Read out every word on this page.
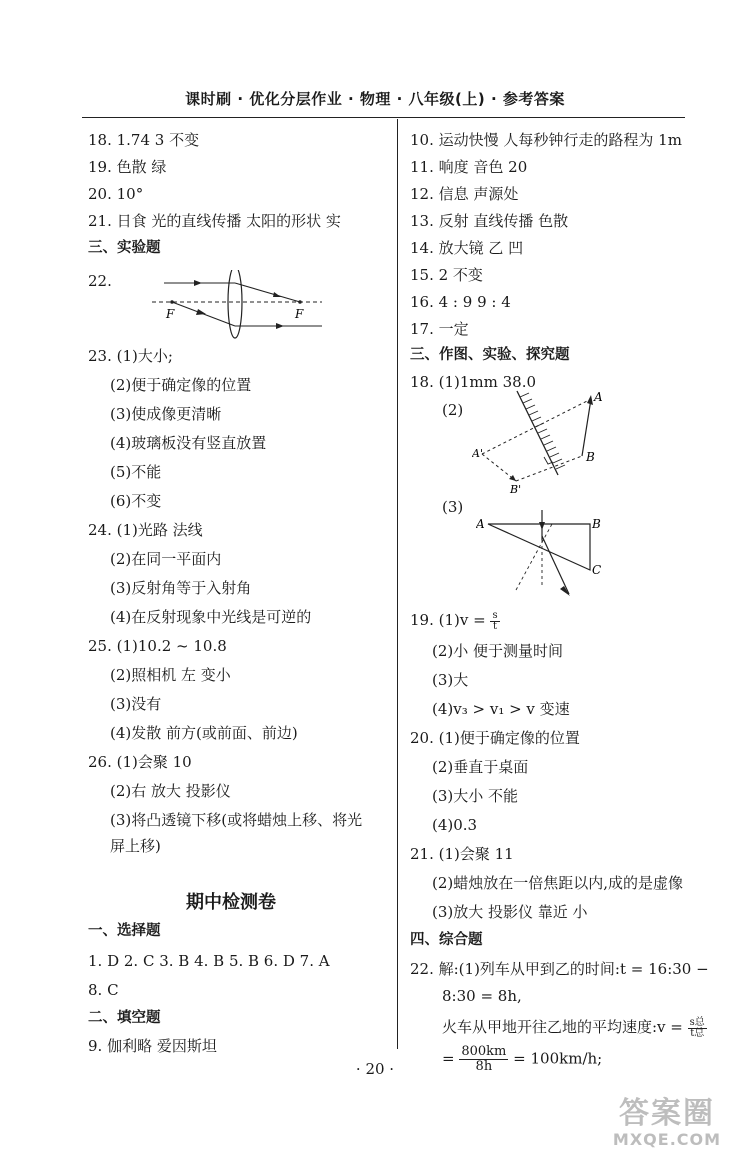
课时刷 · 优化分层作业 · 物理 · 八年级(上) · 参考答案
18. 1.74 3 不变
19. 色散 绿
20. 10°
21. 日食 光的直线传播 太阳的形状 实
三、实验题
22.
F	F
23. (1)大小;
(2)便于确定像的位置
(3)使成像更清晰
(4)玻璃板没有竖直放置
(5)不能
(6)不变
24. (1)光路 法线
(2)在同一平面内
(3)反射角等于入射角
(4)在反射现象中光线是可逆的
25. (1)10.2 ~ 10.8
(2)照相机 左 变小
(3)没有
(4)发散 前方(或前面、前边)
26. (1)会聚 10
(2)右 放大 投影仪
(3)将凸透镜下移(或将蜡烛上移、将光
屏上移)
期中检测卷
一、选择题
1. D 2. C 3. B 4. B 5. B 6. D 7. A
8. C
二、填空题
9. 伽利略 爱因斯坦
10. 运动快慢 人每秒钟行走的路程为 1m
11. 响度 音色 20
12. 信息 声源处
13. 反射 直线传播 色散
14. 放大镜 乙 凹
15. 2 不变
16. 4 : 9 9 : 4
17. 一定
三、作图、实验、探究题
18. (1)1mm 38.0
(2)
A
B
A'
B'
(3)
A	B
C
19. $(1)v = \frac{s}{t}$
(2)小 便于测量时间
(3)大
(4)v₃ > v₁ > v 变速
20. (1)便于确定像的位置
(2)垂直于桌面
(3)大小 不能
(4)0.3
21. (1)会聚 11
(2)蜡烛放在一倍焦距以内,成的是虚像
(3)放大 投影仪 靠近 小
四、综合题
22. 解:(1)列车从甲到乙的时间:t = 16:30 −
8:30 = 8h,
火车从甲地开往乙地的平均速度:v = $\frac{\text{s总}}{\text{t总}}$
= $\frac{800km}{8h} = 100km/h$;
· 20 ·
答案圈
MXQE.COM
